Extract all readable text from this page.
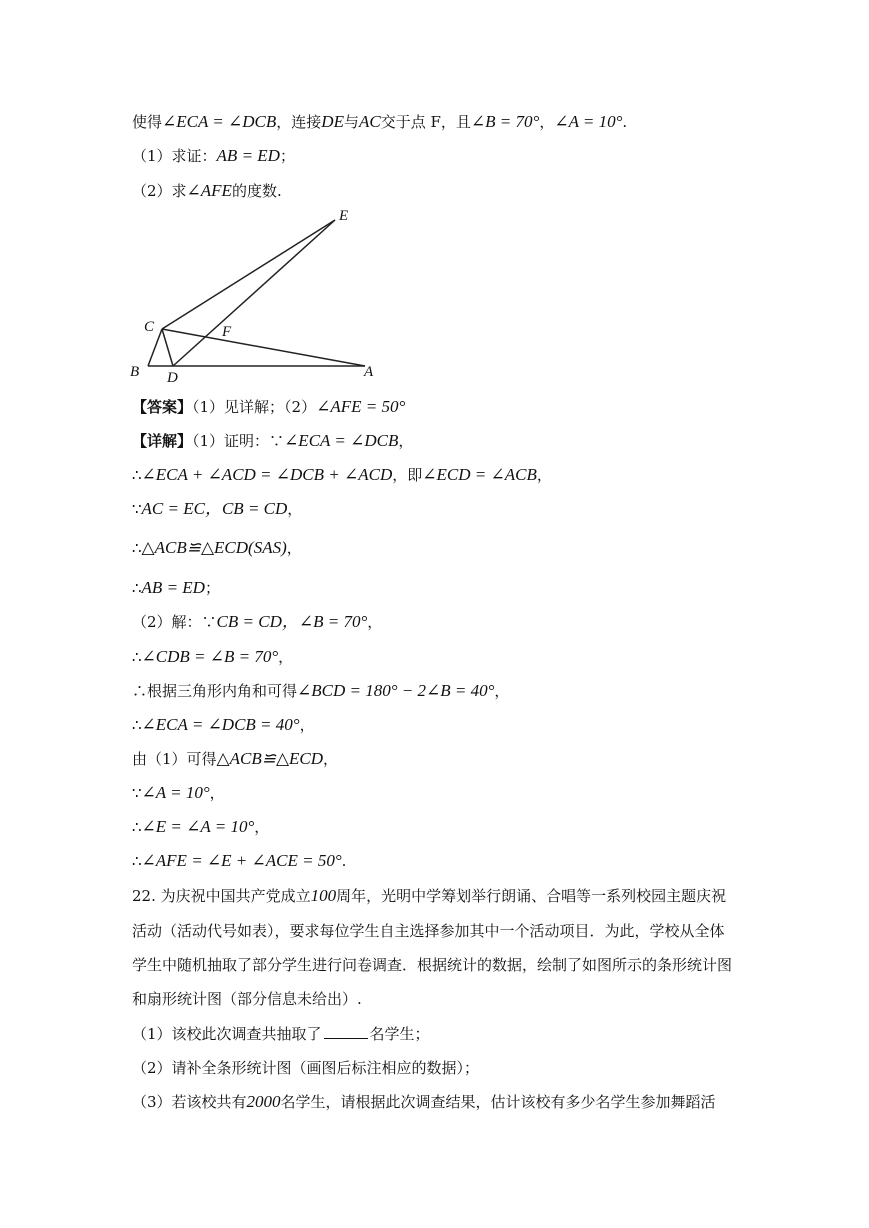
使得∠ECA = ∠DCB，连接DE与AC交于点 F，且∠B = 70°，∠A = 10°.
（1）求证：AB = ED；
（2）求∠AFE的度数.
E
C	F
B D	A
【答案】（1）见详解；（2）∠AFE = 50°
【详解】（1）证明：∵∠ECA = ∠DCB，
∴∠ECA + ∠ACD = ∠DCB + ∠ACD，即∠ECD = ∠ACB，
∵AC = EC，CB = CD，
∴△ACB≌△ECD(SAS)，
∴AB = ED；
（2）解：∵CB = CD，∠B = 70°，
∴∠CDB = ∠B = 70°，
∴根据三角形内角和可得∠BCD = 180° − 2∠B = 40°，
∴∠ECA = ∠DCB = 40°，
由（1）可得△ACB≌△ECD，
∵∠A = 10°，
∴∠E = ∠A = 10°，
∴∠AFE = ∠E + ∠ACE = 50°.
22. 为庆祝中国共产党成立100周年，光明中学筹划举行朗诵、合唱等一系列校园主题庆祝
活动（活动代号如表），要求每位学生自主选择参加其中一个活动项目．为此，学校从全体
学生中随机抽取了部分学生进行问卷调查．根据统计的数据，绘制了如图所示的条形统计图
和扇形统计图（部分信息未给出）.
（1）该校此次调查共抽取了	名学生；
（2）请补全条形统计图（画图后标注相应的数据）；
（3）若该校共有2000名学生，请根据此次调查结果，估计该校有多少名学生参加舞蹈活
